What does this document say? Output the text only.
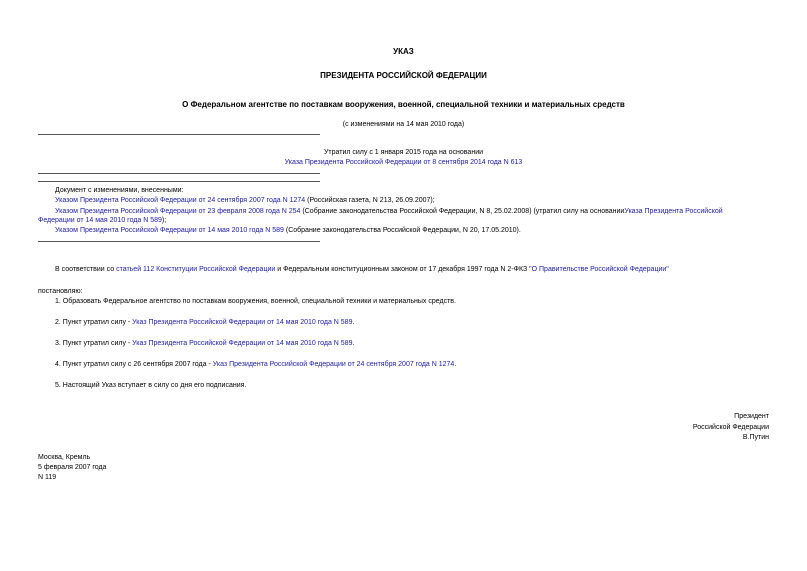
УКАЗ
ПРЕЗИДЕНТА РОССИЙСКОЙ ФЕДЕРАЦИИ
О Федеральном агентстве по поставкам вооружения, военной, специальной техники и материальных средств
(с изменениями на 14 мая 2010 года)
Утратил силу с 1 января 2015 года на основании
Указа Президента Российской Федерации от 8 сентября 2014 года N 613
Документ с изменениями, внесенными:
Указом Президента Российской Федерации от 24 сентября 2007 года N 1274 (Российская газета, N 213, 26.09.2007);
Указом Президента Российской Федерации от 23 февраля 2008 года N 254 (Собрание законодательства Российской Федерации, N 8, 25.02.2008) (утратил силу на основанииУказа Президента Российской
Федерации от 14 мая 2010 года N 589);
Указом Президента Российской Федерации от 14 мая 2010 года N 589 (Собрание законодательства Российской Федерации, N 20, 17.05.2010).
В соответствии со статьей 112 Конституции Российской Федерации и Федеральным конституционным законом от 17 декабря 1997 года N 2-ФКЗ "О Правительстве Российской Федерации"
постановляю:
1. Образовать Федеральное агентство по поставкам вооружения, военной, специальной техники и материальных средств.
2. Пункт утратил силу - Указ Президента Российской Федерации от 14 мая 2010 года N 589.
3. Пункт утратил силу - Указ Президента Российской Федерации от 14 мая 2010 года N 589.
4. Пункт утратил силу с 26 сентября 2007 года - Указ Президента Российской Федерации от 24 сентября 2007 года N 1274.
5. Настоящий Указ вступает в силу со дня его подписания.
Президент
Российской Федерации
В.Путин
Москва, Кремль
5 февраля 2007 года
N 119
